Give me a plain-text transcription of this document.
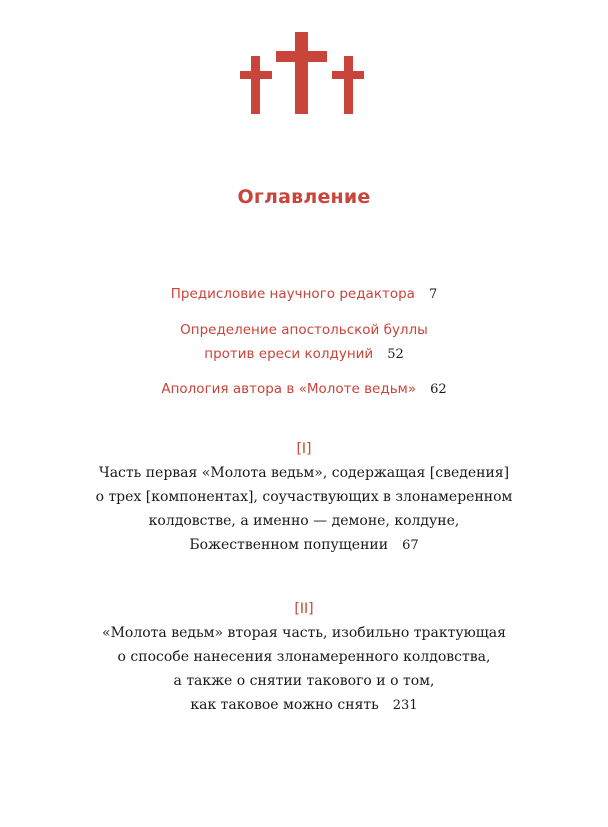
Оглавление
Предисловие научного редактора 7
Определение апостольской буллы
против ереси колдуний 52
Апология автора в «Молоте ведьм» 62
[I]
Часть первая «Молота ведьм», содержащая [сведения]
о трех [компонентах], соучаствующих в злонамеренном
колдовстве, а именно — демоне, колдуне,
Божественном попущении 67
[II]
«Молота ведьм» вторая часть, изобильно трактующая
о способе нанесения злонамеренного колдовства,
а также о снятии такового и о том,
как таковое можно снять 231
